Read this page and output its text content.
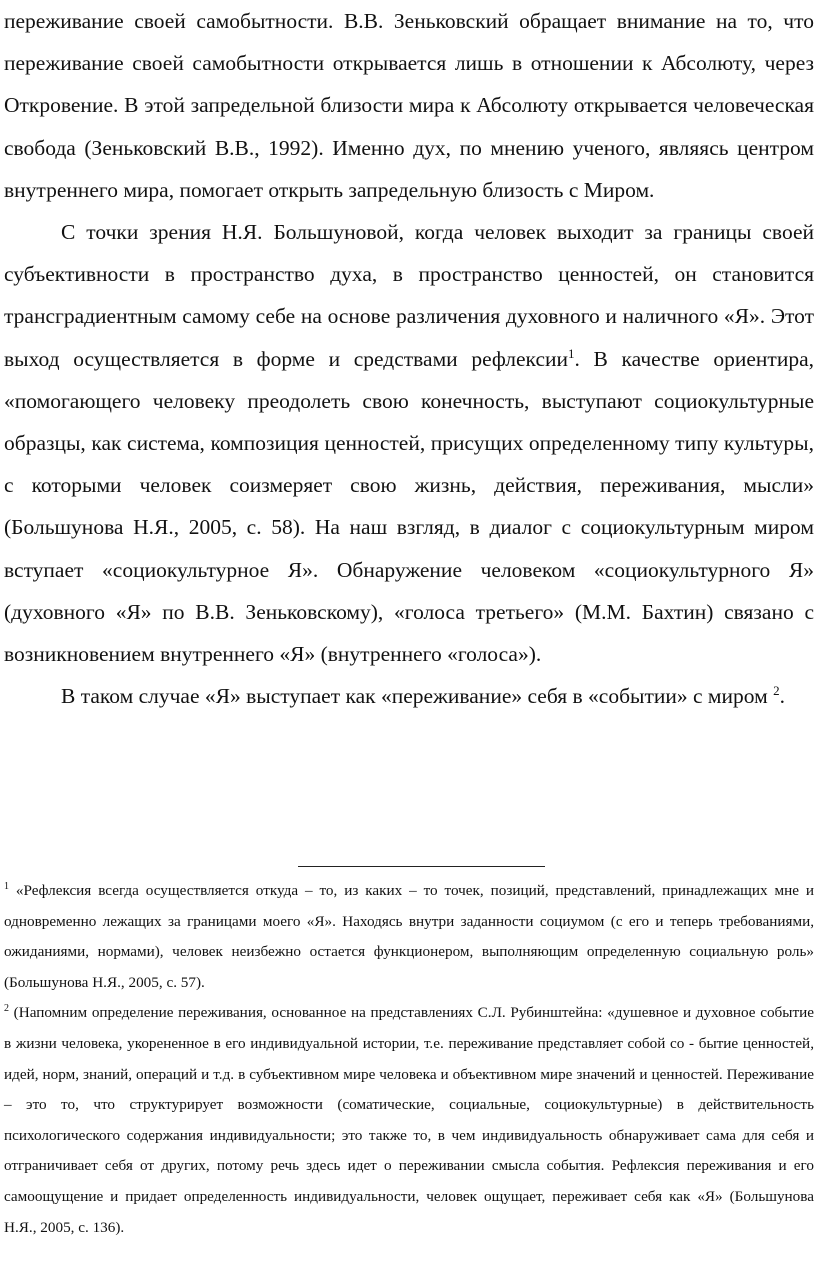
переживание своей самобытности. В.В. Зеньковский обращает внимание на то, что переживание своей самобытности открывается лишь в отношении к Абсолюту, через Откровение. В этой запредельной близости мира к Абсолюту открывается человеческая свобода (Зеньковский В.В., 1992). Именно дух, по мнению ученого, являясь центром внутреннего мира, помогает открыть запредельную близость с Миром.

С точки зрения Н.Я. Большуновой, когда человек выходит за границы своей субъективности в пространство духа, в пространство ценностей, он становится трансградиентным самому себе на основе различения духовного и наличного «Я». Этот выход осуществляется в форме и средствами рефлексии$^1$. В качестве ориентира, «помогающего человеку преодолеть свою конечность, выступают социокультурные образцы, как система, композиция ценностей, присущих определенному типу культуры, с которыми человек соизмеряет свою жизнь, действия, переживания, мысли» (Большунова Н.Я., 2005, с. 58). На наш взгляд, в диалог с социокультурным миром вступает «социокультурное Я». Обнаружение человеком «социокультурного Я» (духовного «Я» по В.В. Зеньковскому), «голоса третьего» (М.М. Бахтин) связано с возникновением внутреннего «Я» (внутреннего «голоса»).

В таком случае «Я» выступает как «переживание» себя в «событии» с миром $^2$.

$^1$ «Рефлексия всегда осуществляется откуда – то, из каких – то точек, позиций, представлений, принадлежащих мне и одновременно лежащих за границами моего «Я». Находясь внутри заданности социумом (с его и теперь требованиями, ожиданиями, нормами), человек неизбежно остается функционером, выполняющим определенную социальную роль» (Большунова Н.Я., 2005, с. 57).

$^2$ (Напомним определение переживания, основанное на представлениях С.Л. Рубинштейна: «душевное и духовное событие в жизни человека, укорененное в его индивидуальной истории, т.е. переживание представляет собой со - бытие ценностей, идей, норм, знаний, операций и т.д. в субъективном мире человека и объективном мире значений и ценностей. Переживание – это то, что структурирует возможности (соматические, социальные, социокультурные) в действительность психологического содержания индивидуальности; это также то, в чем индивидуальность обнаруживает сама для себя и отграничивает себя от других, потому речь здесь идет о переживании смысла события. Рефлексия переживания и его самоощущение и придает определенность индивидуальности, человек ощущает, переживает себя как «Я» (Большунова Н.Я., 2005, с. 136).
